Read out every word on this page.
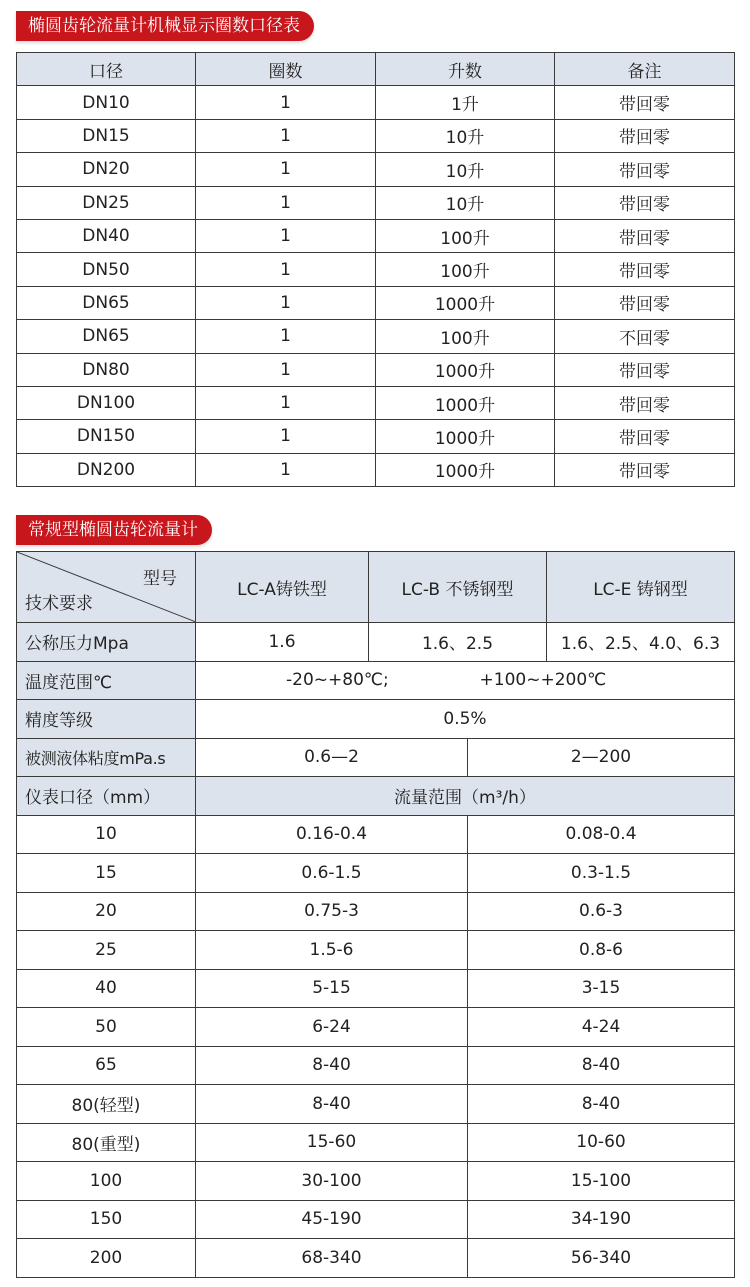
椭圆齿轮流量计机械显示圈数口径表
口径	圈数	升数	备注
DN10	1	1升	带回零
DN15	1	10升	带回零
DN20	1	10升	带回零
DN25	1	10升	带回零
DN40	1	100升	带回零
DN50	1	100升	带回零
DN65	1	1000升	带回零
DN65	1	100升	不回零
DN80	1	1000升	带回零
DN100	1	1000升	带回零
DN150	1	1000升	带回零
DN200	1	1000升	带回零
常规型椭圆齿轮流量计
型号
技术要求	LC-A铸铁型	LC-B 不锈钢型		LC-E 铸钢型
公称压力Mpa	1.6	1.6、2.5		1.6、2.5、4.0、6.3
温度范围℃	-20~+80℃; +100~+200℃			
精度等级	0.5%			
被测液体粘度mPa.s	0.6—2		2—200	
仪表口径（mm）	流量范围（m³/h）			
10	0.16-0.4		0.08-0.4	
15	0.6-1.5		0.3-1.5	
20	0.75-3		0.6-3	
25	1.5-6		0.8-6	
40	5-15		3-15	
50	6-24		4-24	
65	8-40		8-40	
80(轻型)	8-40		8-40	
80(重型)	15-60		10-60	
100	30-100		15-100	
150	45-190		34-190	
200	68-340		56-340	
